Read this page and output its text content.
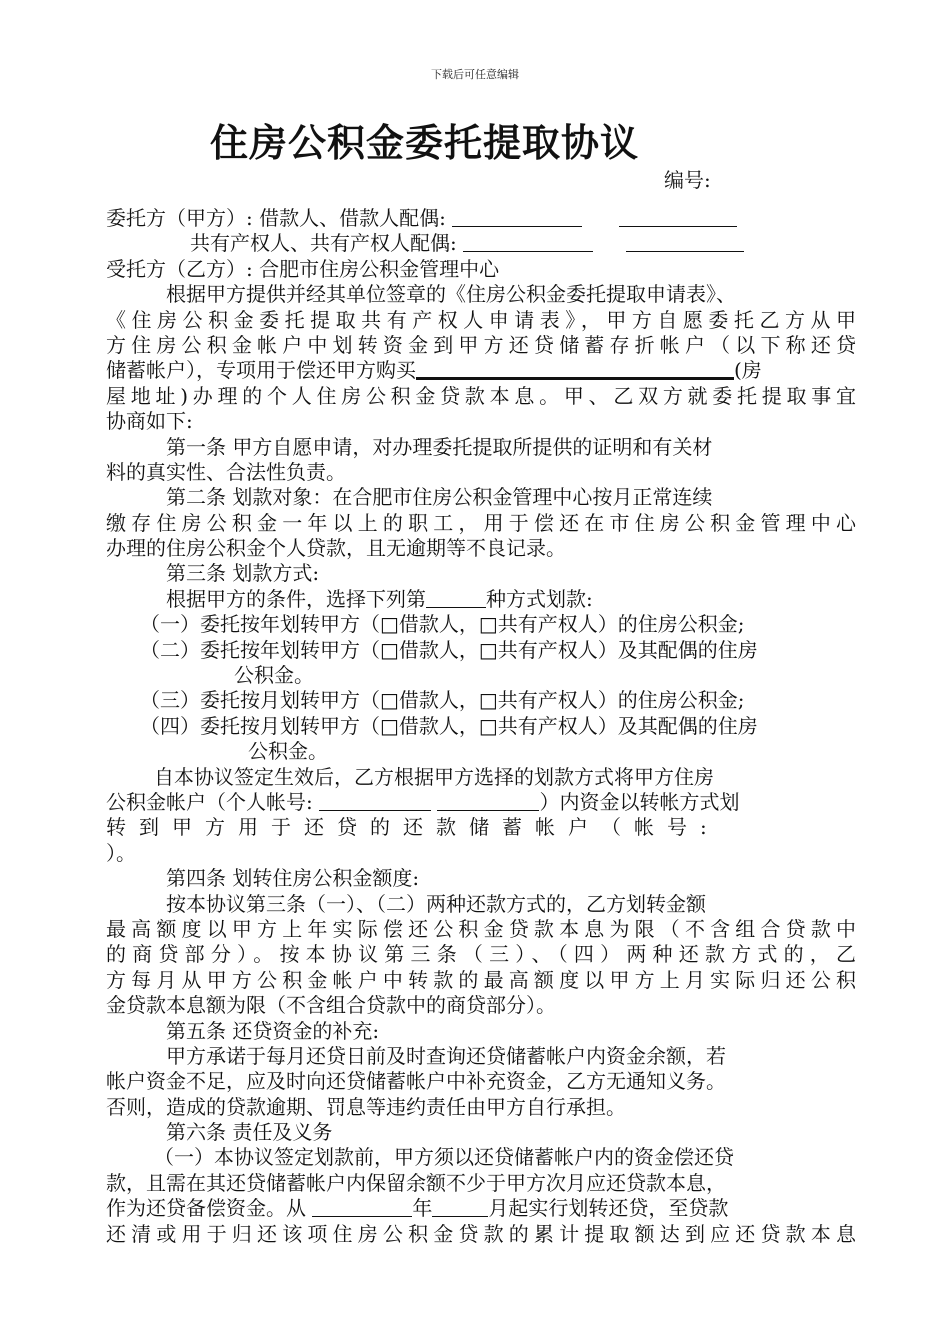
下载后可任意编辑
住房公积金委托提取协议
编号:
委托方（甲方）: 借款人、借款人配偶:
共有产权人、共有产权人配偶:
受托方（乙方）: 合肥市住房公积金管理中心
根据甲方提供并经其单位签章的《住房公积金委托提取申请表》、
《住房公积金委托提取共有产权人申请表》，甲方自愿委托乙方从甲
方住房公积金帐户中划转资金到甲方还贷储蓄存折帐户（以下称还贷
储蓄帐户），专项用于偿还甲方购买	(房
屋地址)办理的个人住房公积金贷款本息。甲、乙双方就委托提取事宜
协商如下:
第一条 甲方自愿申请，对办理委托提取所提供的证明和有关材
料的真实性、合法性负责。
第二条 划款对象：在合肥市住房公积金管理中心按月正常连续
缴存住房公积金一年以上的职工，用于偿还在市住房公积金管理中心
办理的住房公积金个人贷款，且无逾期等不良记录。
第三条 划款方式:
根据甲方的条件，选择下列第	种方式划款:
（一）委托按年划转甲方（□借款人，□共有产权人）的住房公积金;
（二）委托按年划转甲方（□借款人，□共有产权人）及其配偶的住房
公积金。
（三）委托按月划转甲方（□借款人，□共有产权人）的住房公积金;
（四）委托按月划转甲方（□借款人，□共有产权人）及其配偶的住房
公积金。
自本协议签定生效后，乙方根据甲方选择的划款方式将甲方住房
公积金帐户（个人帐号:	）内资金以转帐方式划
转到甲方用于还贷的还款储蓄帐户（帐号:
）。
第四条 划转住房公积金额度:
按本协议第三条（一）、（二）两种还款方式的，乙方划转金额
最高额度以甲方上年实际偿还公积金贷款本息为限（不含组合贷款中
的商贷部分）。按本协议第三条（三）、（四）两种还款方式的，乙
方每月从甲方公积金帐户中转款的最高额度以甲方上月实际归还公积
金贷款本息额为限（不含组合贷款中的商贷部分）。
第五条 还贷资金的补充:
甲方承诺于每月还贷日前及时查询还贷储蓄帐户内资金余额，若
帐户资金不足，应及时向还贷储蓄帐户中补充资金，乙方无通知义务。
否则，造成的贷款逾期、罚息等违约责任由甲方自行承担。
第六条 责任及义务
（一）本协议签定划款前，甲方须以还贷储蓄帐户内的资金偿还贷
款，且需在其还贷储蓄帐户内保留余额不少于甲方次月应还贷款本息，
作为还贷备偿资金。从	年	月起实行划转还贷，至贷款
还清或用于归还该项住房公积金贷款的累计提取额达到应还贷款本息
